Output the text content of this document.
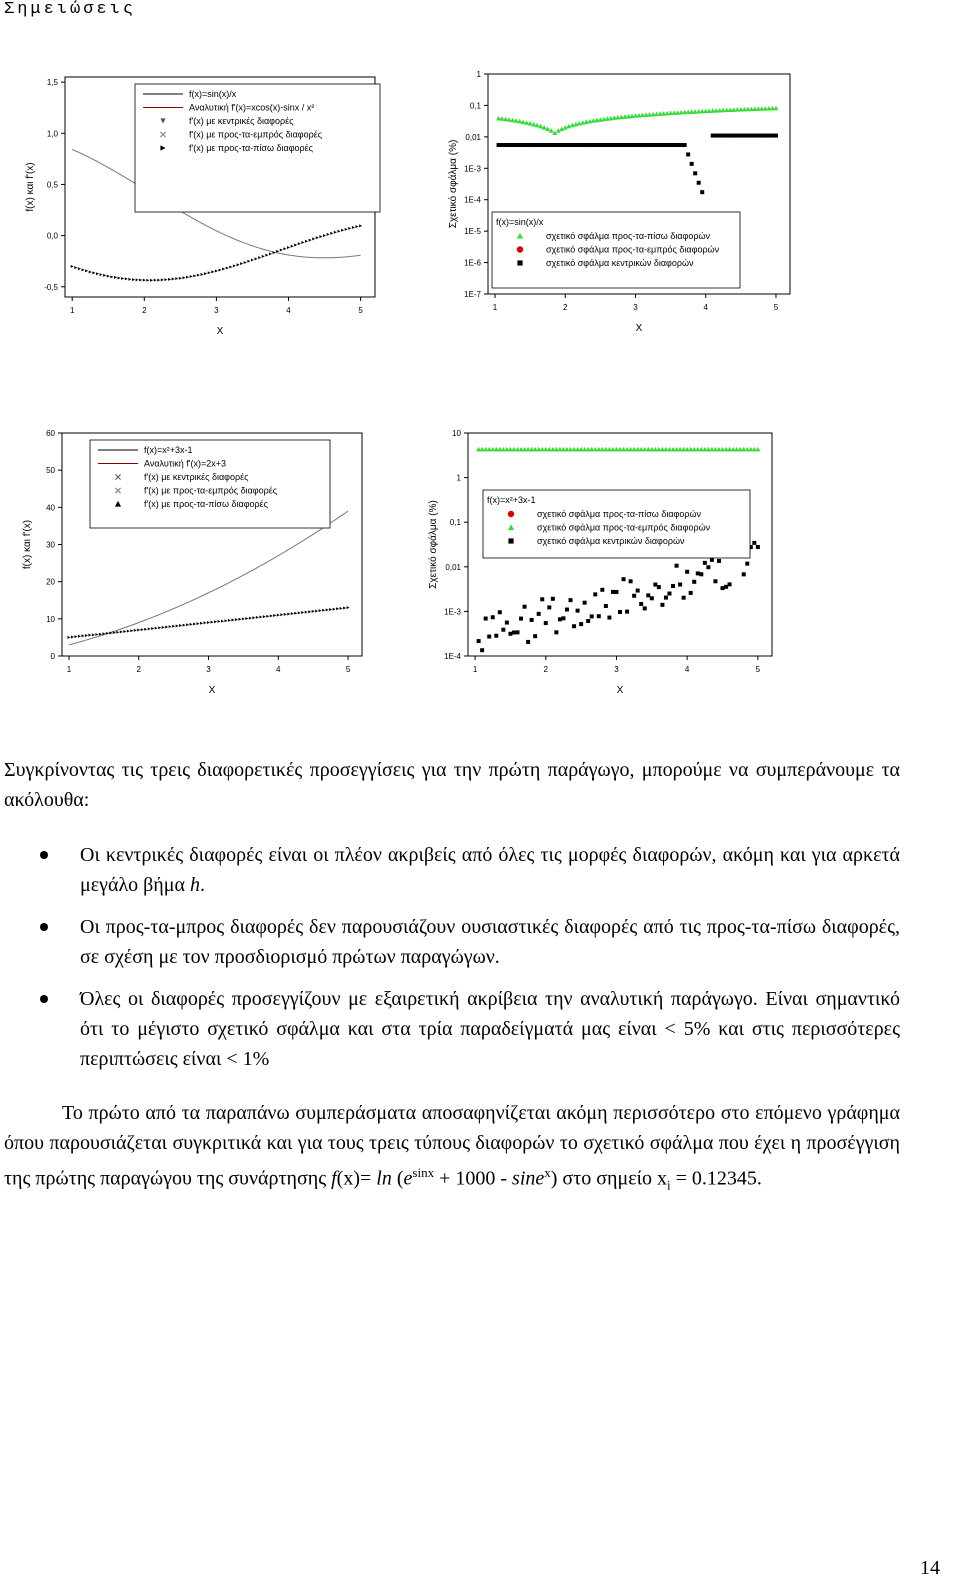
Σημειώσεις
1	2	3	4	5
-0,5
0,0
0,5
1,0
1,5
X
f(x) και f'(x)
f(x)=sin(x)/x
Αναλυτική f'(x)=xcos(x)-sinx / x²
f'(x) με κεντρικές διαφορές
f'(x) με προς-τα-εμπρός διαφορές
f'(x) με προς-τα-πίσω διαφορές
1	2	3	4	5
1
0,1
0,01
1E-3
1E-4
1E-5
1E-6
1E-7
X
Σχετικό σφάλμα (%)	f(x)=sin(x)/x
σχετικό σφάλμα προς-τα-πίσω διαφορών
σχετικό σφάλμα προς-τα-εμπρός διαφορών
σχετικό σφάλμα κεντρικών διαφορών
1	2	3	4	5
0
10
20
30
40
50
60
X
f(x) και f'(x)
f(x)=x²+3x-1
Αναλυτική f'(x)=2x+3
f'(x) με κεντρικές διαφορές
f'(x) με προς-τα-εμπρός διαφορές
f'(x) με προς-τα-πίσω διαφορές
1	2	3	4	5
10
1
0,1
0,01
1E-3
1E-4
X
Σχετικό σφάλμα (%)
f(x)=x²+3x-1
σχετικό σφάλμα προς-τα-πίσω διαφορών
σχετικό σφάλμα προς-τα-εμπρός διαφορών
σχετικό σφάλμα κεντρικών διαφορών
Συγκρίνοντας τις τρεις διαφορετικές προσεγγίσεις για την πρώτη παράγωγο, μπορούμε να συμπεράνουμε τα ακόλουθα:
Οι κεντρικές διαφορές είναι οι πλέον ακριβείς από όλες τις μορφές διαφορών, ακόμη και για αρκετά μεγάλο βήμα h.
Οι προς-τα-μπρος διαφορές δεν παρουσιάζουν ουσιαστικές διαφορές από τις προς-τα-πίσω διαφορές, σε σχέση με τον προσδιορισμό πρώτων παραγώγων.
Όλες οι διαφορές προσεγγίζουν με εξαιρετική ακρίβεια την αναλυτική παράγωγο. Είναι σημαντικό ότι το μέγιστο σχετικό σφάλμα και στα τρία παραδείγματά μας είναι < 5% και στις περισσότερες περιπτώσεις είναι < 1%
Το πρώτο από τα παραπάνω συμπεράσματα αποσαφηνίζεται ακόμη περισσότερο στο επόμενο γράφημα όπου παρουσιάζεται συγκριτικά και για τους τρεις τύπους διαφορών το σχετικό σφάλμα που έχει η προσέγγιση της πρώτης παραγώγου της συνάρτησης $f(x)= \ln (e^{sinx} + 1000 - \sin e^x)$ στο σημείο $x_i = 0.12345$.
14
